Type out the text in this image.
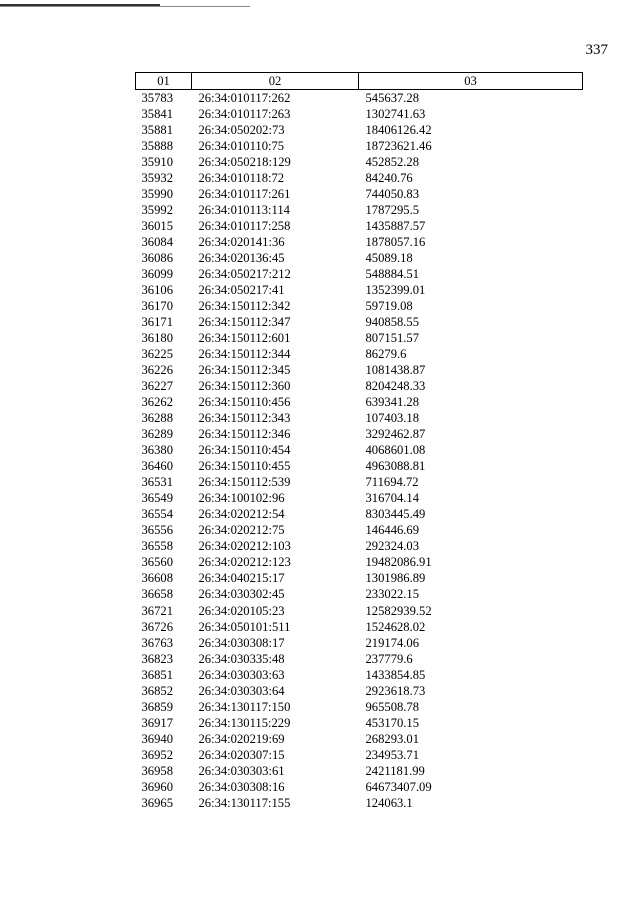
337
01	02	03
35783	26:34:010117:262	545637.28
35841	26:34:010117:263	1302741.63
35881	26:34:050202:73	18406126.42
35888	26:34:010110:75	18723621.46
35910	26:34:050218:129	452852.28
35932	26:34:010118:72	84240.76
35990	26:34:010117:261	744050.83
35992	26:34:010113:114	1787295.5
36015	26:34:010117:258	1435887.57
36084	26:34:020141:36	1878057.16
36086	26:34:020136:45	45089.18
36099	26:34:050217:212	548884.51
36106	26:34:050217:41	1352399.01
36170	26:34:150112:342	59719.08
36171	26:34:150112:347	940858.55
36180	26:34:150112:601	807151.57
36225	26:34:150112:344	86279.6
36226	26:34:150112:345	1081438.87
36227	26:34:150112:360	8204248.33
36262	26:34:150110:456	639341.28
36288	26:34:150112:343	107403.18
36289	26:34:150112:346	3292462.87
36380	26:34:150110:454	4068601.08
36460	26:34:150110:455	4963088.81
36531	26:34:150112:539	711694.72
36549	26:34:100102:96	316704.14
36554	26:34:020212:54	8303445.49
36556	26:34:020212:75	146446.69
36558	26:34:020212:103	292324.03
36560	26:34:020212:123	19482086.91
36608	26:34:040215:17	1301986.89
36658	26:34:030302:45	233022.15
36721	26:34:020105:23	12582939.52
36726	26:34:050101:511	1524628.02
36763	26:34:030308:17	219174.06
36823	26:34:030335:48	237779.6
36851	26:34:030303:63	1433854.85
36852	26:34:030303:64	2923618.73
36859	26:34:130117:150	965508.78
36917	26:34:130115:229	453170.15
36940	26:34:020219:69	268293.01
36952	26:34:020307:15	234953.71
36958	26:34:030303:61	2421181.99
36960	26:34:030308:16	64673407.09
36965	26:34:130117:155	124063.1
